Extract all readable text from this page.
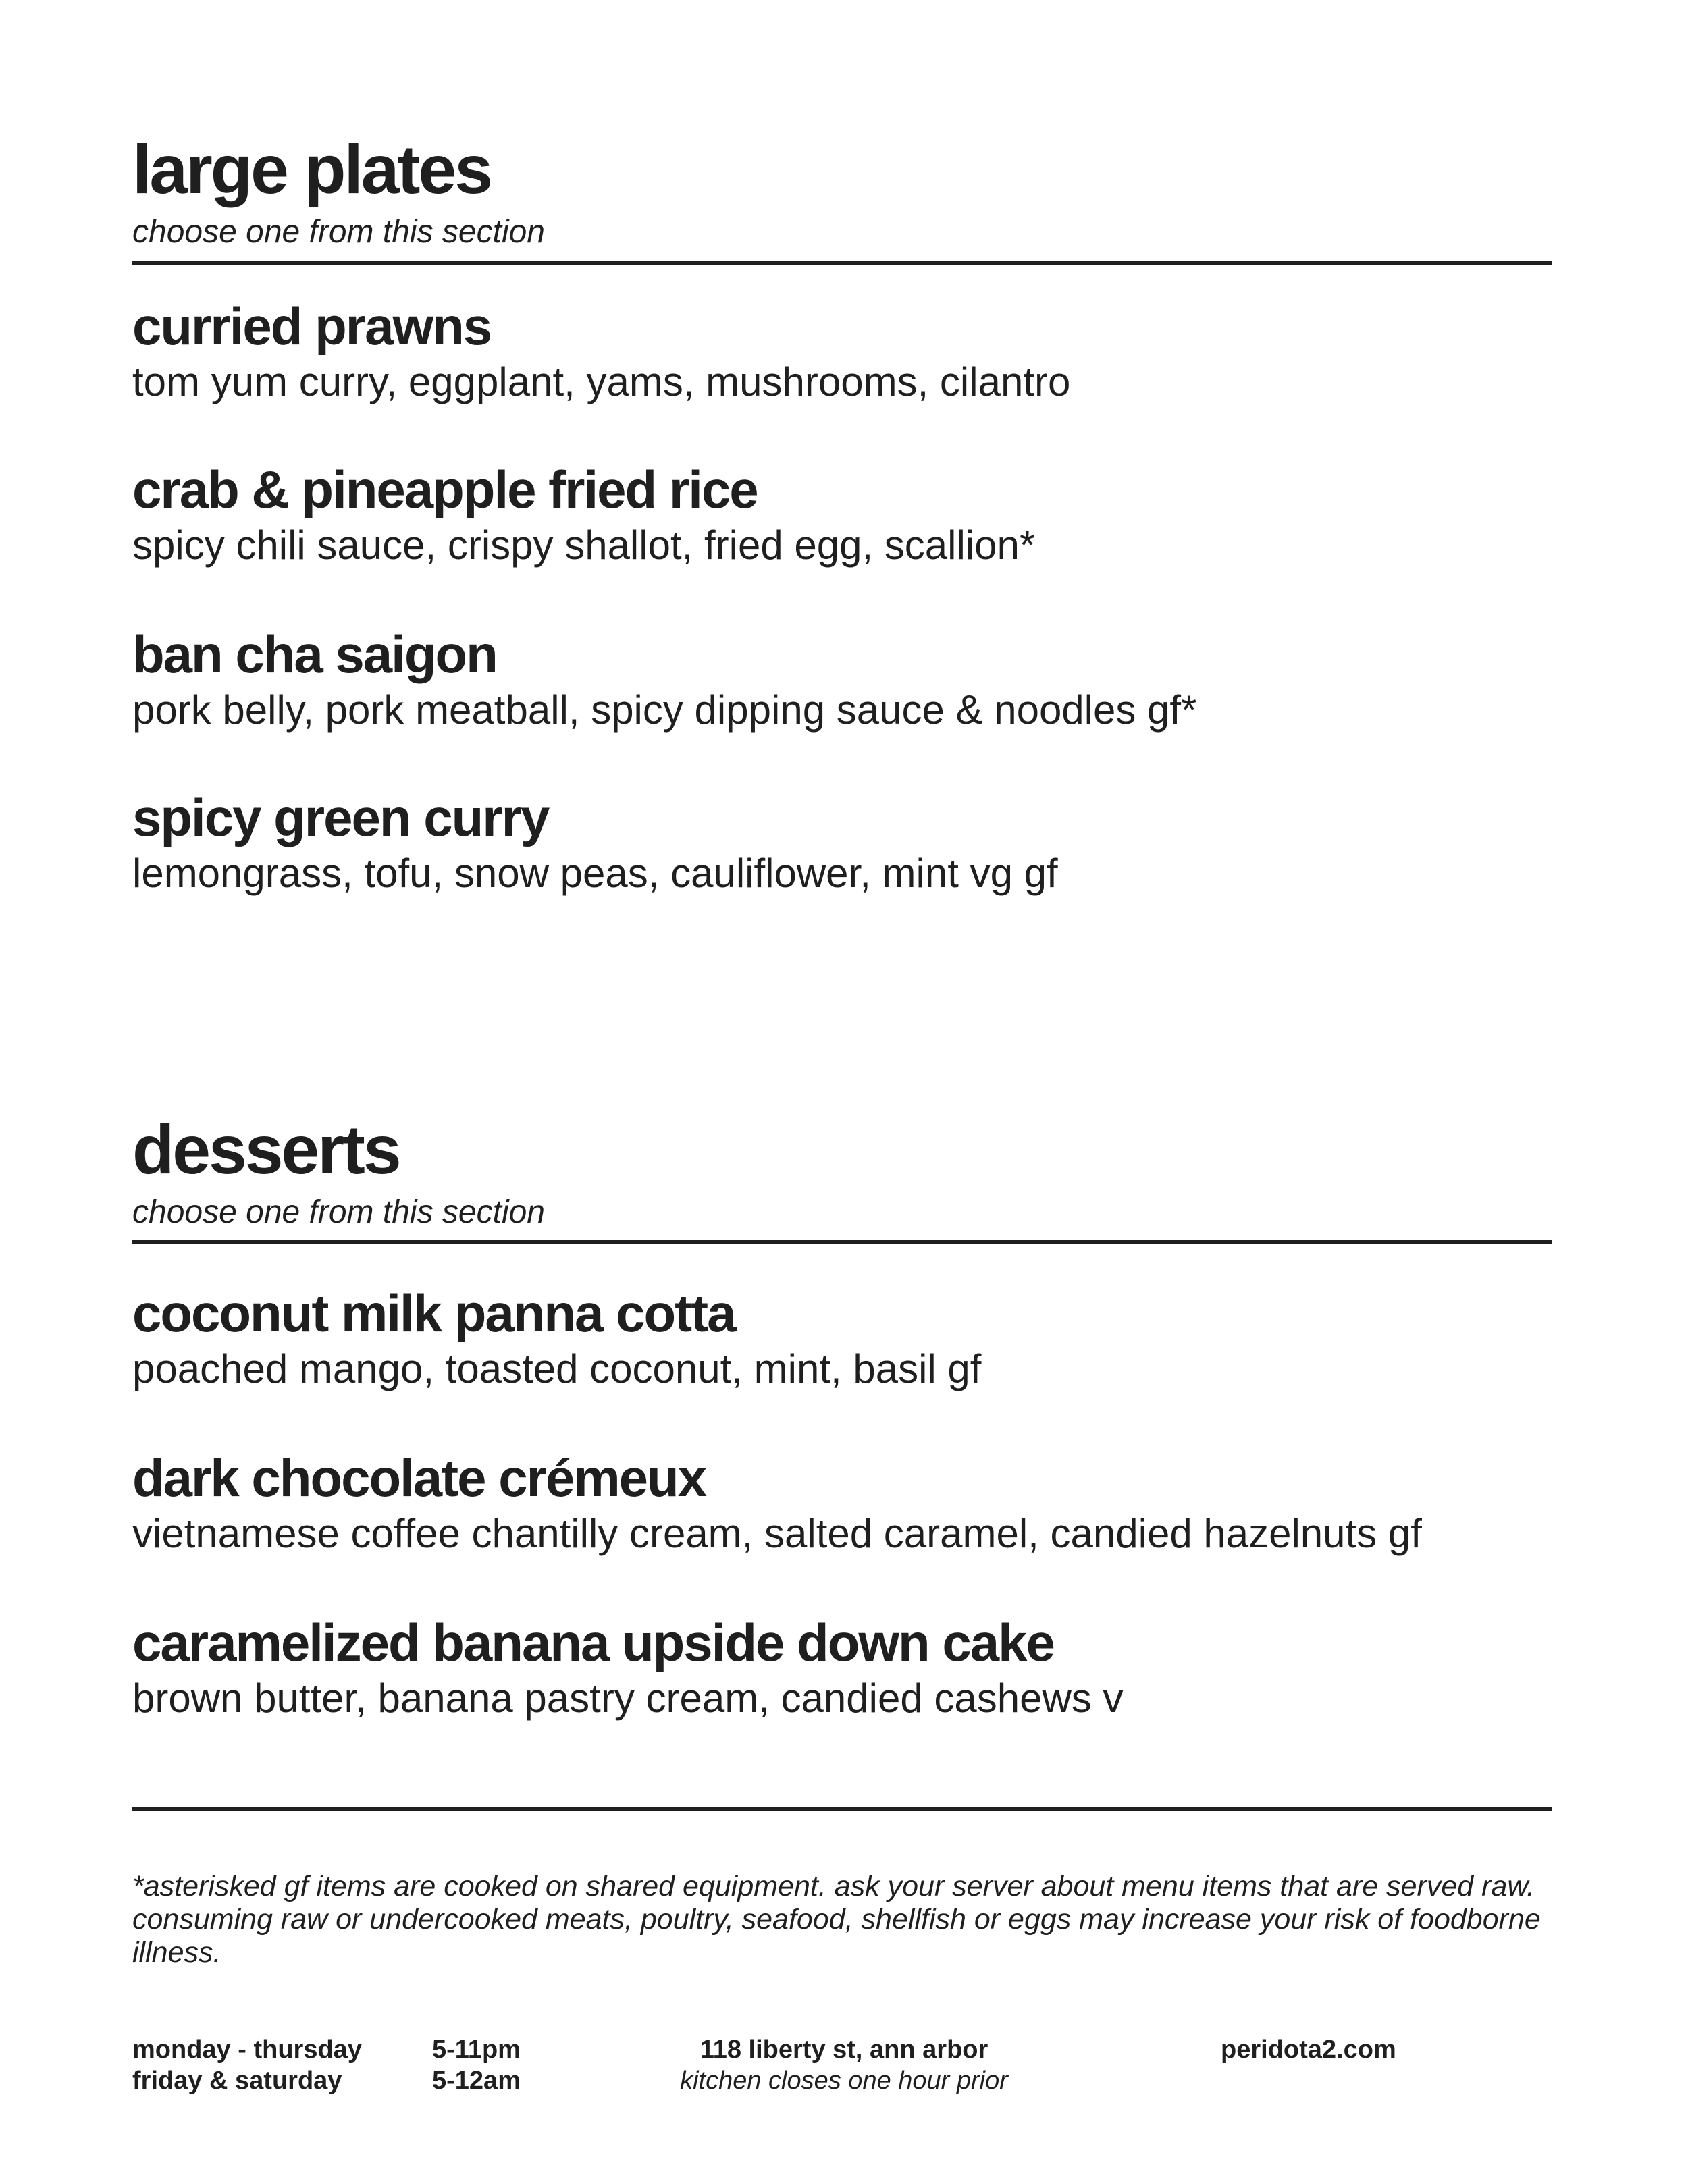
large plates
choose one from this section
curried prawns
tom yum curry, eggplant, yams, mushrooms, cilantro
crab & pineapple fried rice
spicy chili sauce, crispy shallot, fried egg, scallion*
ban cha saigon
pork belly, pork meatball, spicy dipping sauce & noodles gf*
spicy green curry
lemongrass, tofu, snow peas, cauliflower, mint vg gf
desserts
choose one from this section
coconut milk panna cotta
poached mango, toasted coconut, mint, basil gf
dark chocolate crémeux
vietnamese coffee chantilly cream, salted caramel, candied hazelnuts gf
caramelized banana upside down cake
brown butter, banana pastry cream, candied cashews v
*asterisked gf items are cooked on shared equipment. ask your server about menu items that are served raw. consuming raw or undercooked meats, poultry, seafood, shellfish or eggs may increase your risk of foodborne illness.
monday - thursday
friday & saturday
5-11pm
5-12am
118 liberty st, ann arbor
kitchen closes one hour prior
peridota2.com
